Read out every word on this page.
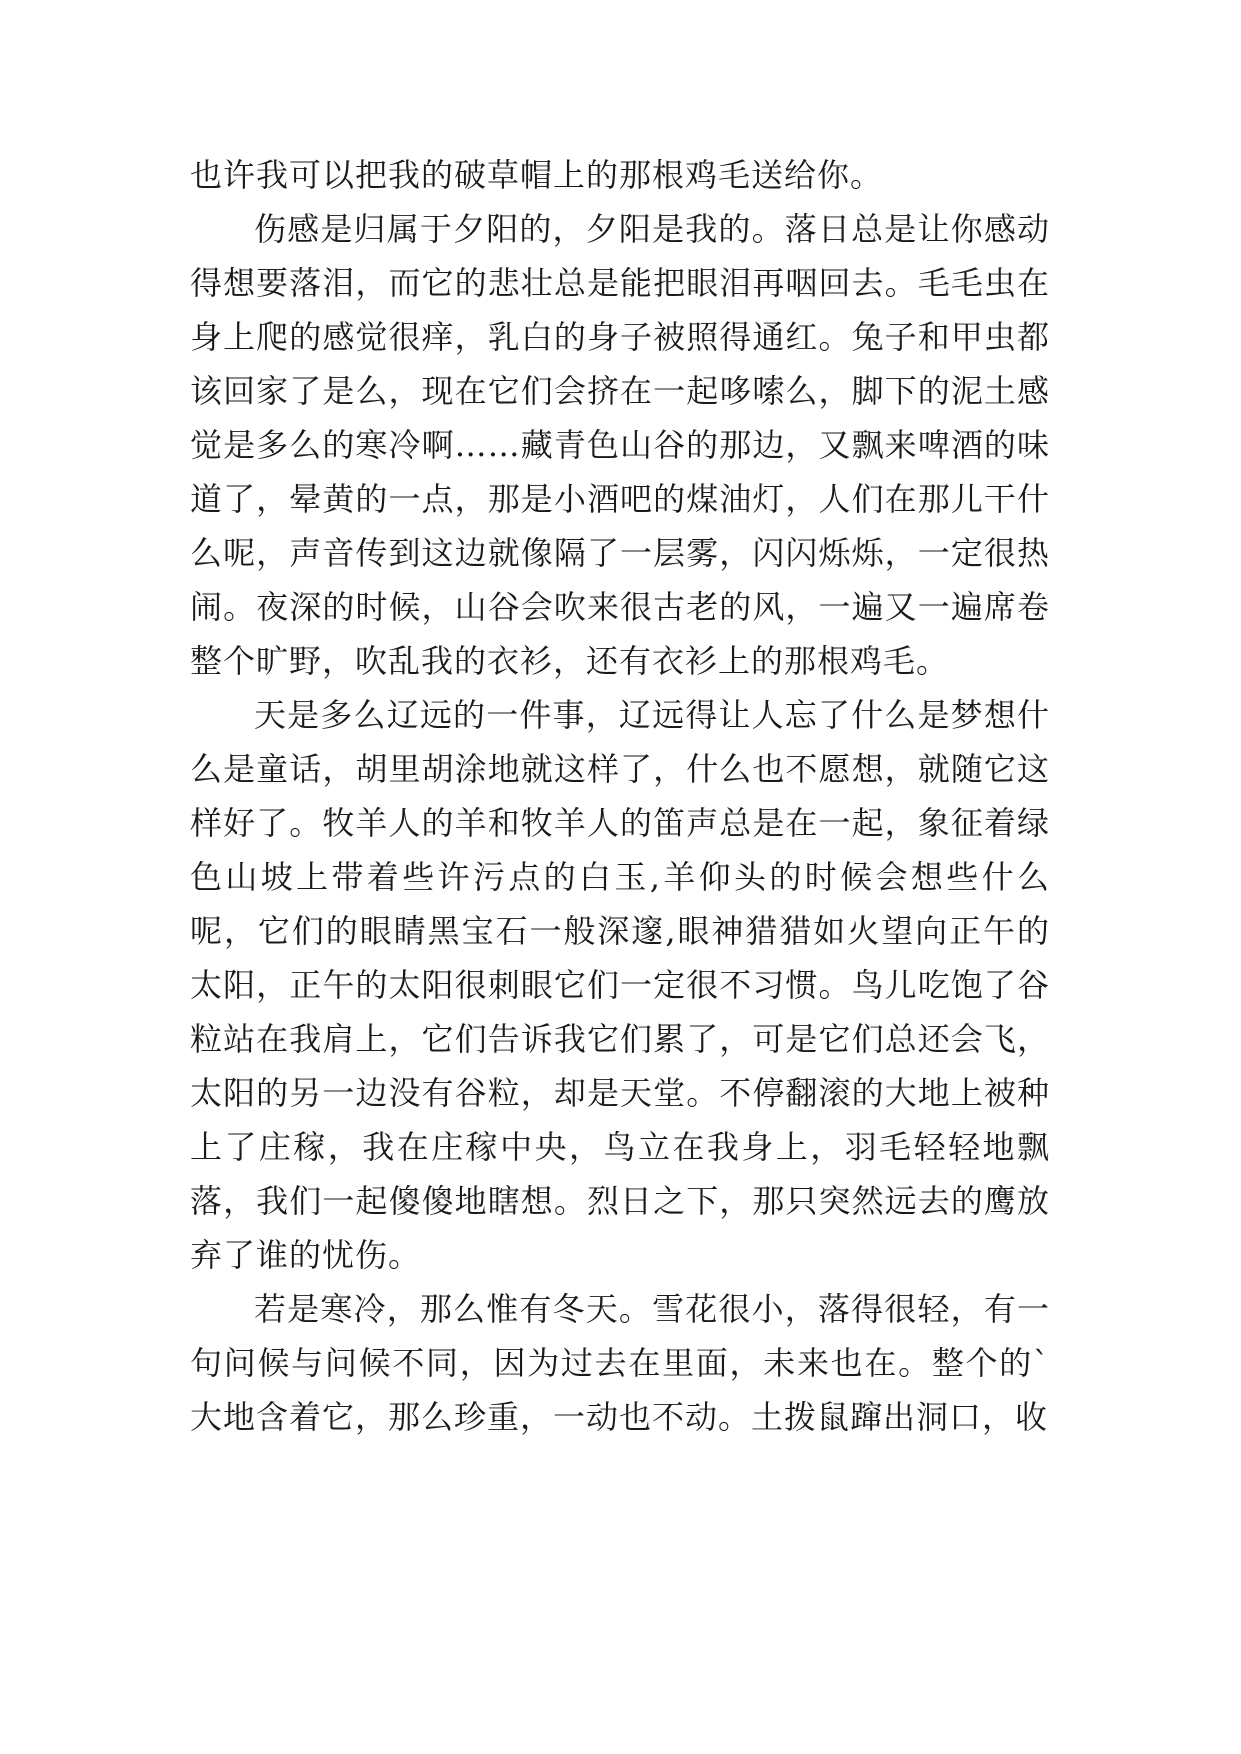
也许我可以把我的破草帽上的那根鸡毛送给你。

伤感是归属于夕阳的，夕阳是我的。落日总是让你感动得想要落泪，而它的悲壮总是能把眼泪再咽回去。毛毛虫在身上爬的感觉很痒，乳白的身子被照得通红。兔子和甲虫都该回家了是么，现在它们会挤在一起哆嗦么，脚下的泥土感觉是多么的寒冷啊……藏青色山谷的那边，又飘来啤酒的味道了，晕黄的一点，那是小酒吧的煤油灯，人们在那儿干什么呢，声音传到这边就像隔了一层雾，闪闪烁烁，一定很热闹。夜深的时候，山谷会吹来很古老的风，一遍又一遍席卷整个旷野，吹乱我的衣衫，还有衣衫上的那根鸡毛。

天是多么辽远的一件事，辽远得让人忘了什么是梦想什么是童话，胡里胡涂地就这样了，什么也不愿想，就随它这样好了。牧羊人的羊和牧羊人的笛声总是在一起，象征着绿色山坡上带着些许污点的白玉,羊仰头的时候会想些什么呢，它们的眼睛黑宝石一般深邃,眼神猎猎如火望向正午的太阳，正午的太阳很刺眼它们一定很不习惯。鸟儿吃饱了谷粒站在我肩上，它们告诉我它们累了，可是它们总还会飞，太阳的另一边没有谷粒，却是天堂。不停翻滚的大地上被种上了庄稼，我在庄稼中央，鸟立在我身上，羽毛轻轻地飘落，我们一起傻傻地瞎想。烈日之下，那只突然远去的鹰放弃了谁的忧伤。

若是寒冷，那么惟有冬天。雪花很小，落得很轻，有一句问候与问候不同，因为过去在里面，未来也在。整个的`大地含着它，那么珍重，一动也不动。土拨鼠蹿出洞口，收
